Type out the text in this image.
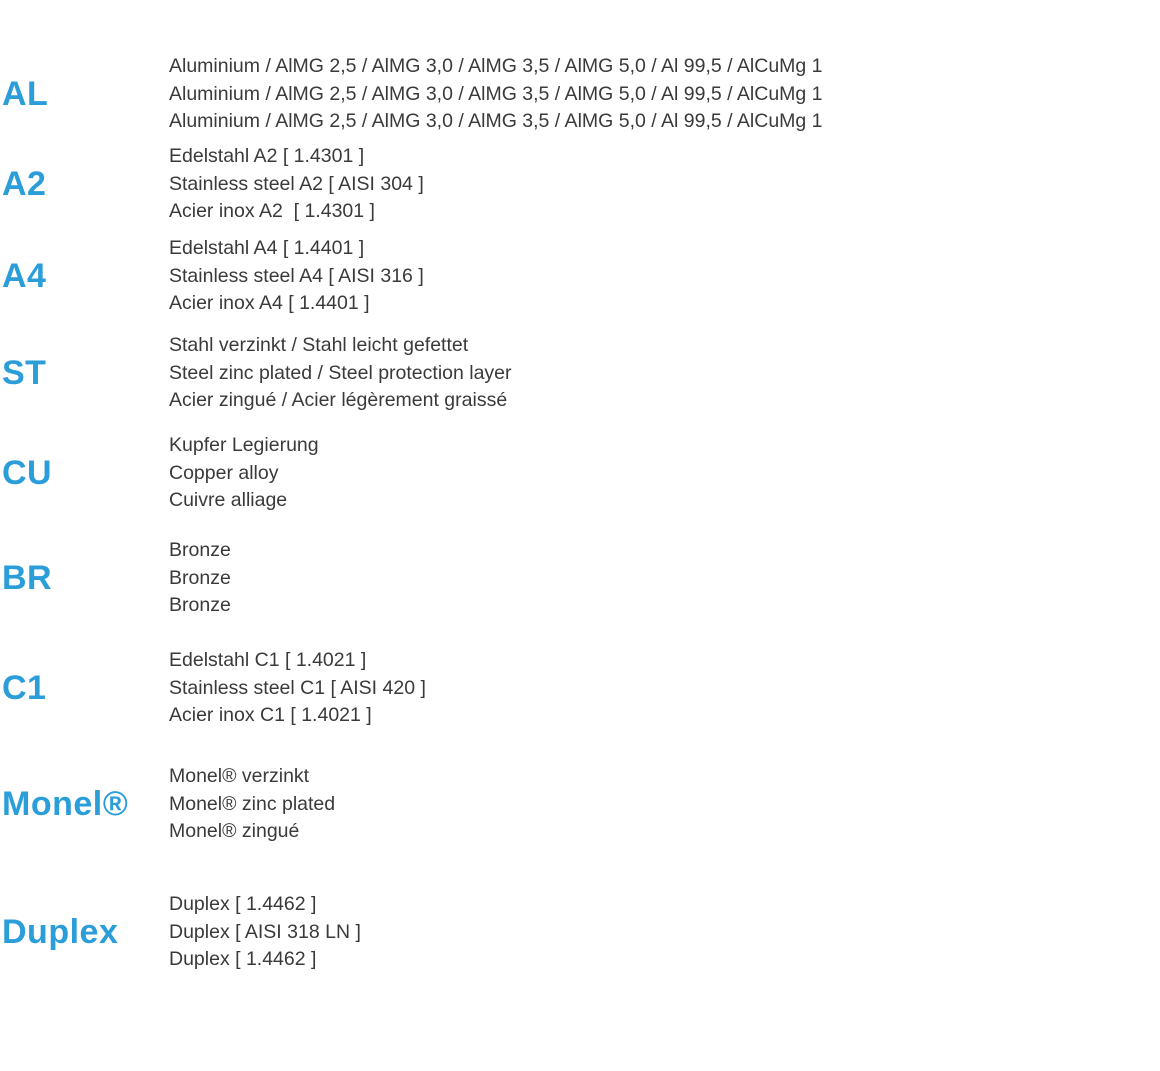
AL
Aluminium / AlMG 2,5 / AlMG 3,0 / AlMG 3,5 / AlMG 5,0 / Al 99,5 / AlCuMg 1
Aluminium / AlMG 2,5 / AlMG 3,0 / AlMG 3,5 / AlMG 5,0 / Al 99,5 / AlCuMg 1
Aluminium / AlMG 2,5 / AlMG 3,0 / AlMG 3,5 / AlMG 5,0 / Al 99,5 / AlCuMg 1
A2
Edelstahl A2 [ 1.4301 ]
Stainless steel A2 [ AISI 304 ]
Acier inox A2  [ 1.4301 ]
A4
Edelstahl A4 [ 1.4401 ]
Stainless steel A4 [ AISI 316 ]
Acier inox A4 [ 1.4401 ]
ST
Stahl verzinkt / Stahl leicht gefettet
Steel zinc plated / Steel protection layer
Acier zingué / Acier légèrement graissé
CU
Kupfer Legierung
Copper alloy
Cuivre alliage
BR
Bronze
Bronze
Bronze
C1
Edelstahl C1 [ 1.4021 ]
Stainless steel C1 [ AISI 420 ]
Acier inox C1 [ 1.4021 ]
Monel®
Monel® verzinkt
Monel® zinc plated
Monel® zingué
Duplex
Duplex [ 1.4462 ]
Duplex [ AISI 318 LN ]
Duplex [ 1.4462 ]
